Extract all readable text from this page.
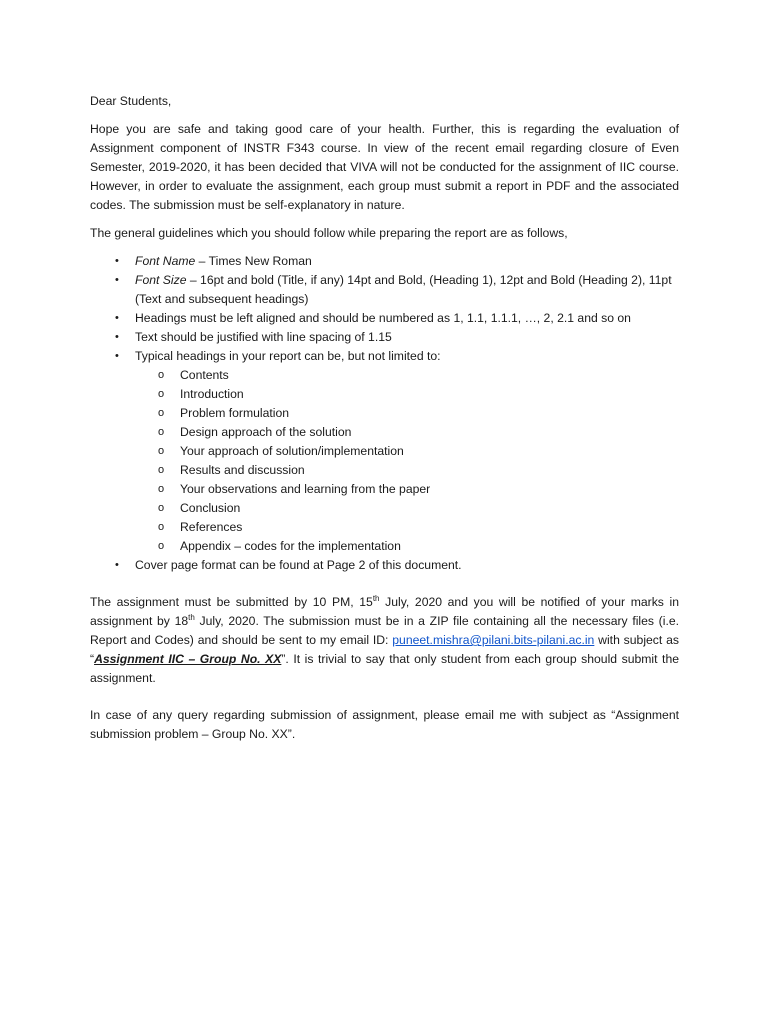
Dear Students,

Hope you are safe and taking good care of your health. Further, this is regarding the evaluation of Assignment component of INSTR F343 course. In view of the recent email regarding closure of Even Semester, 2019-2020, it has been decided that VIVA will not be conducted for the assignment of IIC course. However, in order to evaluate the assignment, each group must submit a report in PDF and the associated codes. The submission must be self-explanatory in nature.

The general guidelines which you should follow while preparing the report are as follows,

• Font Name – Times New Roman
• Font Size – 16pt and bold (Title, if any) 14pt and Bold, (Heading 1), 12pt and Bold (Heading 2), 11pt (Text and subsequent headings)
• Headings must be left aligned and should be numbered as 1, 1.1, 1.1.1, …, 2, 2.1 and so on
• Text should be justified with line spacing of 1.15
• Typical headings in your report can be, but not limited to:
o Contents
o Introduction
o Problem formulation
o Design approach of the solution
o Your approach of solution/implementation
o Results and discussion
o Your observations and learning from the paper
o Conclusion
o References
o Appendix – codes for the implementation
• Cover page format can be found at Page 2 of this document.

The assignment must be submitted by 10 PM, 15th July, 2020 and you will be notified of your marks in assignment by 18th July, 2020. The submission must be in a ZIP file containing all the necessary files (i.e. Report and Codes) and should be sent to my email ID: puneet.mishra@pilani.bits-pilani.ac.in with subject as “Assignment IIC – Group No. XX”. It is trivial to say that only student from each group should submit the assignment.

In case of any query regarding submission of assignment, please email me with subject as “Assignment submission problem – Group No. XX”.
